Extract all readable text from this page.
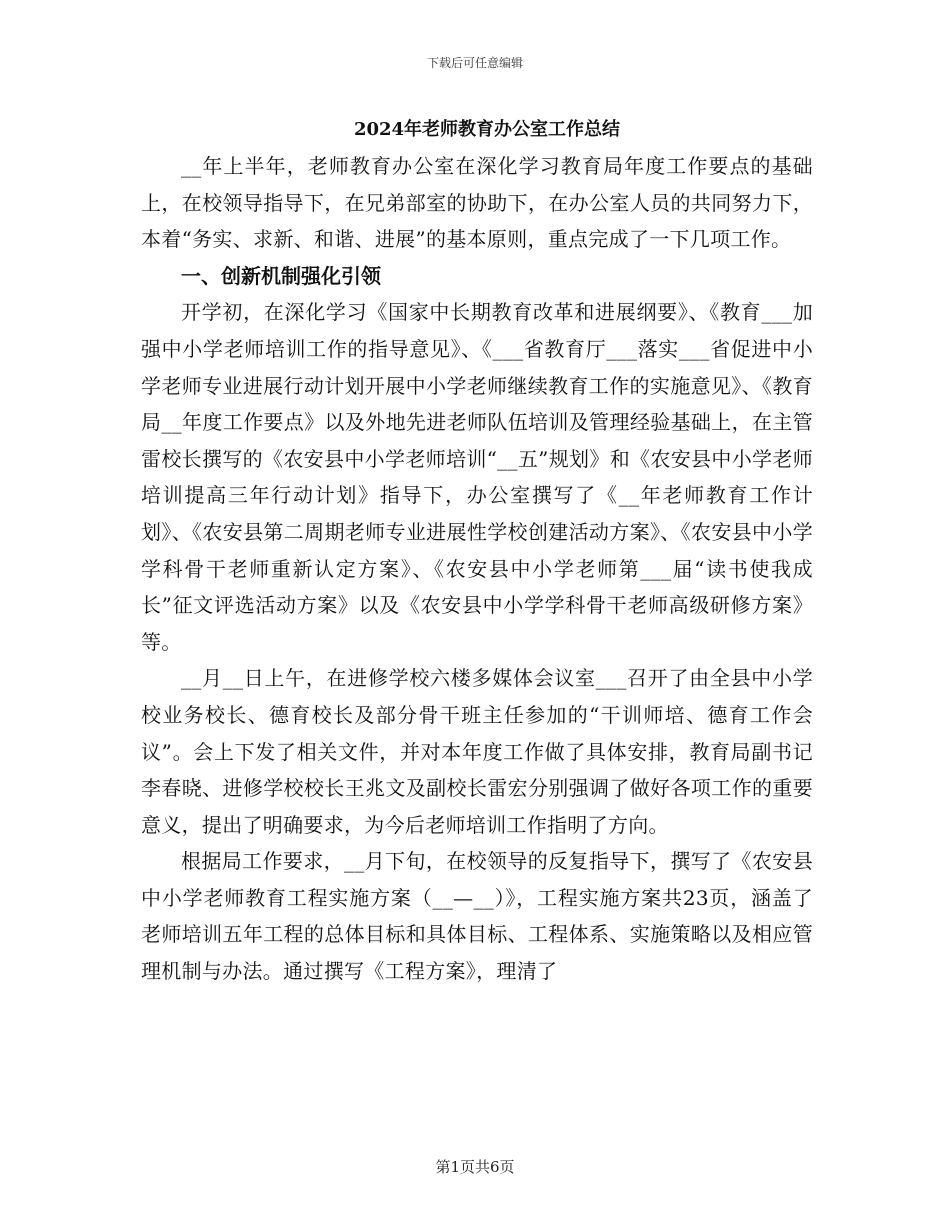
下载后可任意编辑
2024年老师教育办公室工作总结

__年上半年，老师教育办公室在深化学习教育局年度工作要点的基础上，在校领导指导下，在兄弟部室的协助下，在办公室人员的共同努力下，本着“务实、求新、和谐、进展”的基本原则，重点完成了一下几项工作。

一、创新机制强化引领

开学初，在深化学习《国家中长期教育改革和进展纲要》、《教育___加强中小学老师培训工作的指导意见》、《___省教育厅___落实___省促进中小学老师专业进展行动计划开展中小学老师继续教育工作的实施意见》、《教育局__年度工作要点》以及外地先进老师队伍培训及管理经验基础上，在主管雷校长撰写的《农安县中小学老师培训“__五”规划》和《农安县中小学老师培训提高三年行动计划》指导下，办公室撰写了《__年老师教育工作计划》、《农安县第二周期老师专业进展性学校创建活动方案》、《农安县中小学学科骨干老师重新认定方案》、《农安县中小学老师第___届“读书使我成长”征文评选活动方案》以及《农安县中小学学科骨干老师高级研修方案》等。

__月__日上午，在进修学校六楼多媒体会议室___召开了由全县中小学校业务校长、德育校长及部分骨干班主任参加的“干训师培、德育工作会议”。会上下发了相关文件，并对本年度工作做了具体安排，教育局副书记李春晓、进修学校校长王兆文及副校长雷宏分别强调了做好各项工作的重要意义，提出了明确要求，为今后老师培训工作指明了方向。

根据局工作要求，__月下旬，在校领导的反复指导下，撰写了《农安县中小学老师教育工程实施方案（__—__）》，工程实施方案共23页，涵盖了老师培训五年工程的总体目标和具体目标、工程体系、实施策略以及相应管理机制与办法。通过撰写《工程方案》，理清了

第1页共6页
